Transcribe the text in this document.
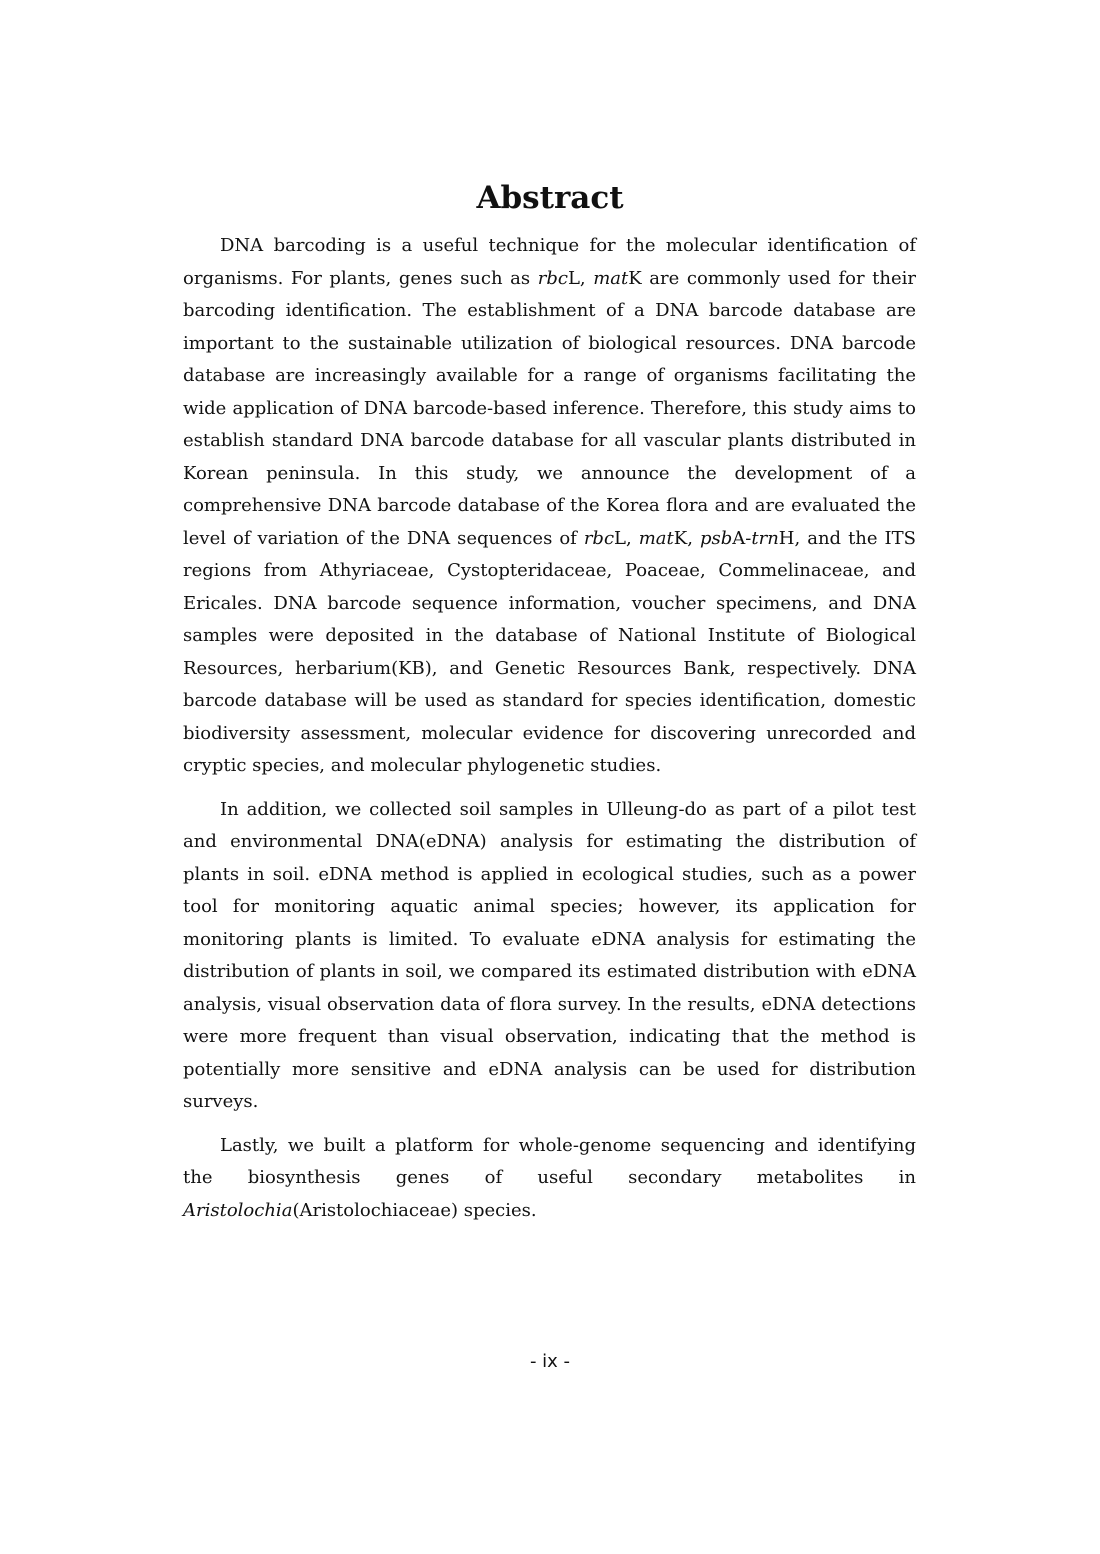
Abstract

DNA barcoding is a useful technique for the molecular identification of organisms. For plants, genes such as rbcL, matK are commonly used for their barcoding identification. The establishment of a DNA barcode database are important to the sustainable utilization of biological resources. DNA barcode database are increasingly available for a range of organisms facilitating the wide application of DNA barcode-based inference. Therefore, this study aims to establish standard DNA barcode database for all vascular plants distributed in Korean peninsula. In this study, we announce the development of a comprehensive DNA barcode database of the Korea flora and are evaluated the level of variation of the DNA sequences of rbcL, matK, psbA-trnH, and the ITS regions from Athyriaceae, Cystopteridaceae, Poaceae, Commelinaceae, and Ericales. DNA barcode sequence information, voucher specimens, and DNA samples were deposited in the database of National Institute of Biological Resources, herbarium(KB), and Genetic Resources Bank, respectively. DNA barcode database will be used as standard for species identification, domestic biodiversity assessment, molecular evidence for discovering unrecorded and cryptic species, and molecular phylogenetic studies.

In addition, we collected soil samples in Ulleung-do as part of a pilot test and environmental DNA(eDNA) analysis for estimating the distribution of plants in soil. eDNA method is applied in ecological studies, such as a power tool for monitoring aquatic animal species; however, its application for monitoring plants is limited. To evaluate eDNA analysis for estimating the distribution of plants in soil, we compared its estimated distribution with eDNA analysis, visual observation data of flora survey. In the results, eDNA detections were more frequent than visual observation, indicating that the method is potentially more sensitive and eDNA analysis can be used for distribution surveys.

Lastly, we built a platform for whole-genome sequencing and identifying the biosynthesis genes of useful secondary metabolites in Aristolochia(Aristolochiaceae) species.

- ix -
